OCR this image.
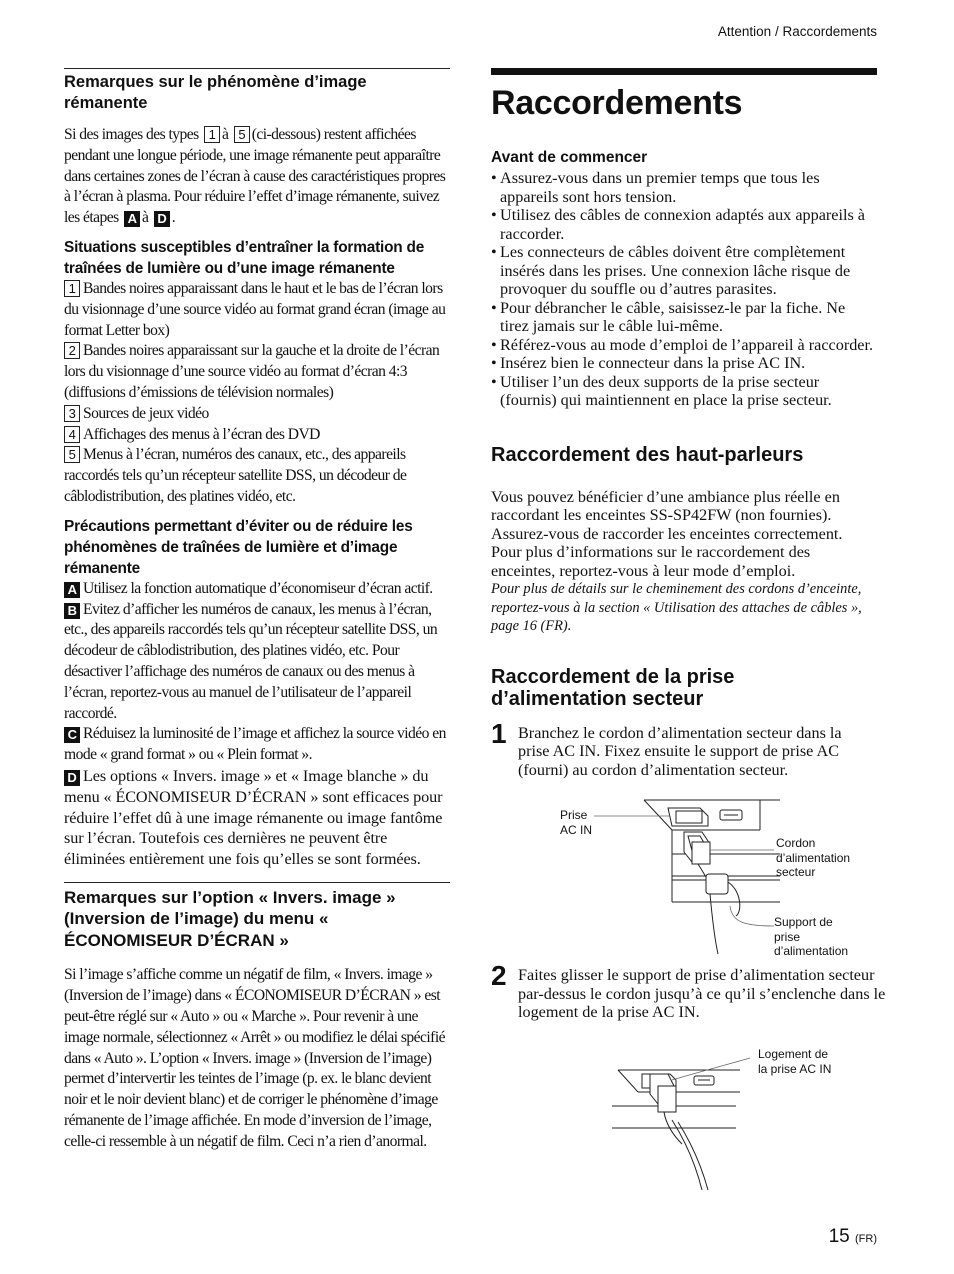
Attention / Raccordements
Remarques sur le phénomène d’image rémanente

Si des images des types 1 à 5 (ci-dessous) restent affichées pendant une longue période, une image rémanente peut apparaître dans certaines zones de l’écran à cause des caractéristiques propres à l’écran à plasma. Pour réduire l’effet d’image rémanente, suivez les étapes A à D .

Situations susceptibles d’entraîner la formation de traînées de lumière ou d’une image rémanente

1 Bandes noires apparaissant dans le haut et le bas de l’écran lors du visionnage d’une source vidéo au format grand écran (image au format Letter box)

2 Bandes noires apparaissant sur la gauche et la droite de l’écran lors du visionnage d’une source vidéo au format d’écran 4:3 (diffusions d’émissions de télévision normales)

3 Sources de jeux vidéo

4 Affichages des menus à l’écran des DVD

5 Menus à l’écran, numéros des canaux, etc., des appareils raccordés tels qu’un récepteur satellite DSS, un décodeur de câblodistribution, des platines vidéo, etc.

Précautions permettant d’éviter ou de réduire les phénomènes de traînées de lumière et d’image rémanente

A Utilisez la fonction automatique d’économiseur d’écran actif.

B Evitez d’afficher les numéros de canaux, les menus à l’écran, etc., des appareils raccordés tels qu’un récepteur satellite DSS, un décodeur de câblodistribution, des platines vidéo, etc. Pour désactiver l’affichage des numéros de canaux ou des menus à l’écran, reportez-vous au manuel de l’utilisateur de l’appareil raccordé.

C Réduisez la luminosité de l’image et affichez la source vidéo en mode « grand format » ou « Plein format ».

D Les options « Invers. image » et « Image blanche » du menu « ÉCONOMISEUR D’ÉCRAN » sont efficaces pour réduire l’effet dû à une image rémanente ou image fantôme sur l’écran. Toutefois ces dernières ne peuvent être éliminées entièrement une fois qu’elles se sont formées.

Remarques sur l’option « Invers. image » (Inversion de l’image) du menu « ÉCONOMISEUR D’ÉCRAN »

Si l’image s’affiche comme un négatif de film, « Invers. image » (Inversion de l’image) dans « ÉCONOMISEUR D’ÉCRAN » est peut-être réglé sur « Auto » ou « Marche ». Pour revenir à une image normale, sélectionnez « Arrêt » ou modifiez le délai spécifié dans « Auto ». L’option « Invers. image » (Inversion de l’image) permet d’intervertir les teintes de l’image (p. ex. le blanc devient noir et le noir devient blanc) et de corriger le phénomène d’image rémanente de l’image affichée. En mode d’inversion de l’image, celle-ci ressemble à un négatif de film. Ceci n’a rien d’anormal.

Raccordements
Avant de commencer
• Assurez-vous dans un premier temps que tous les appareils sont hors tension.
• Utilisez des câbles de connexion adaptés aux appareils à raccorder.
• Les connecteurs de câbles doivent être complètement insérés dans les prises. Une connexion lâche risque de provoquer du souffle ou d’autres parasites.
• Pour débrancher le câble, saisissez-le par la fiche. Ne tirez jamais sur le câble lui-même.
• Référez-vous au mode d’emploi de l’appareil à raccorder.
• Insérez bien le connecteur dans la prise AC IN.
• Utiliser l’un des deux supports de la prise secteur (fournis) qui maintiennent en place la prise secteur.
Raccordement des haut-parleurs

Vous pouvez bénéficier d’une ambiance plus réelle en raccordant les enceintes SS-SP42FW (non fournies). Assurez-vous de raccorder les enceintes correctement. Pour plus d’informations sur le raccordement des enceintes, reportez-vous à leur mode d’emploi.

Pour plus de détails sur le cheminement des cordons d’enceinte, reportez-vous à la section « Utilisation des attaches de câbles », page 16 (FR).

Raccordement de la prise
d’alimentation secteur
1 Branchez le cordon d’alimentation secteur dans la prise AC IN. Fixez ensuite le support de prise AC (fourni) au cordon d’alimentation secteur.

Prise
AC IN
Cordon
d’alimentation
secteur
Support de
prise
d’alimentation
2 Faites glisser le support de prise d’alimentation secteur par-dessus le cordon jusqu’à ce qu’il s’enclenche dans le logement de la prise AC IN.

Logement de
la prise AC IN
15 (FR)
